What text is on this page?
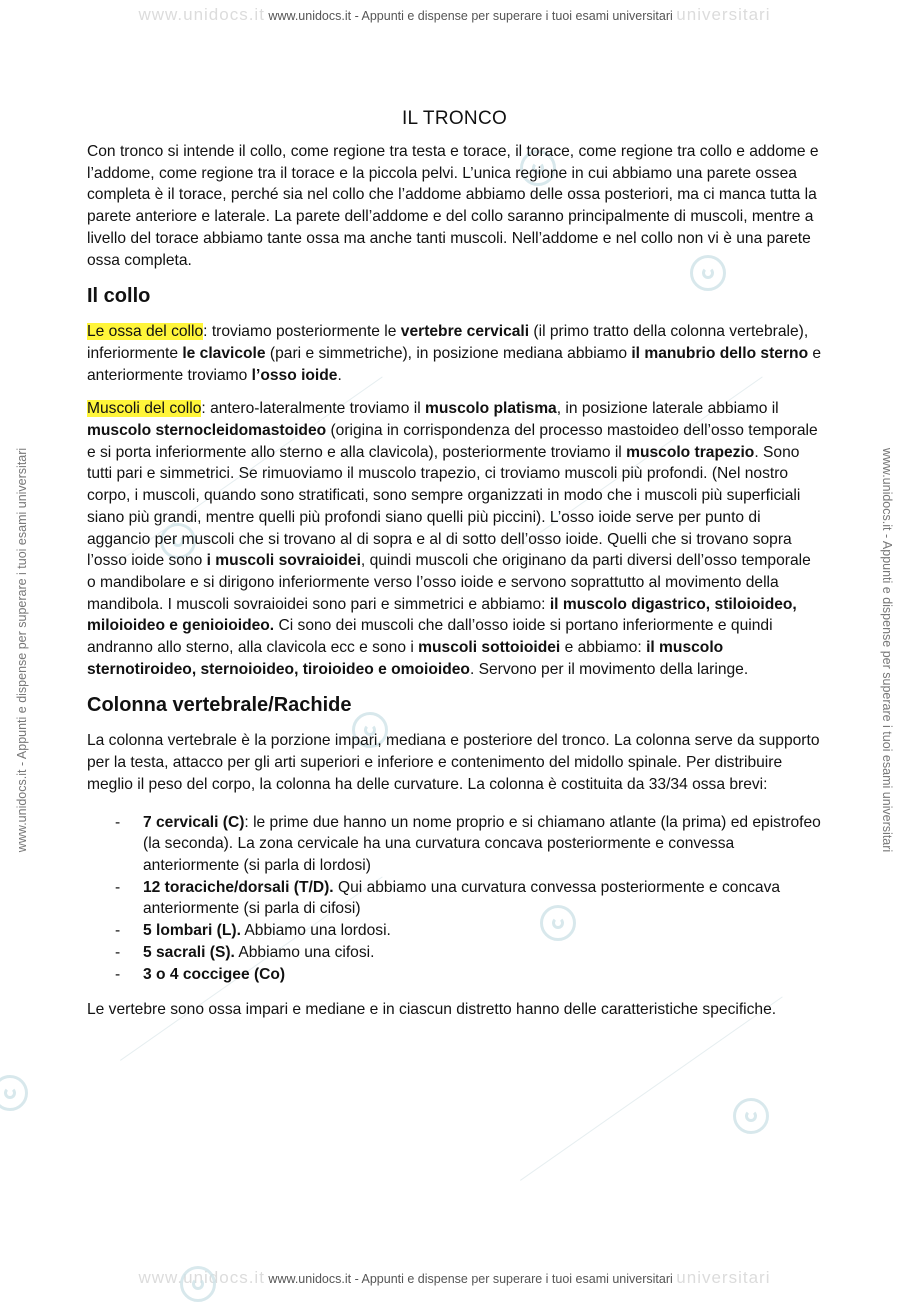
www.unidocs.it www.unidocs.it - Appunti e dispense per superare i tuoi esami universitari universitari
www.unidocs.it www.unidocs.it - Appunti e dispense per superare i tuoi esami universitari universitari
www.unidocs.it - Appunti e dispense per superare i tuoi esami universitari	www.unidocs.it - Appunti e dispense per superare i tuoi esami universitari
IL TRONCO

Con tronco si intende il collo, come regione tra testa e torace, il torace, come regione tra collo e addome e l’addome, come regione tra il torace e la piccola pelvi. L’unica regione in cui abbiamo una parete ossea completa è il torace, perché sia nel collo che l’addome abbiamo delle ossa posteriori, ma ci manca tutta la parete anteriore e laterale. La parete dell’addome e del collo saranno principalmente di muscoli, mentre a livello del torace abbiamo tante ossa ma anche tanti muscoli. Nell’addome e nel collo non vi è una parete ossa completa.

Il collo

Le ossa del collo: troviamo posteriormente le vertebre cervicali (il primo tratto della colonna vertebrale), inferiormente le clavicole (pari e simmetriche), in posizione mediana abbiamo il manubrio dello sterno e anteriormente troviamo l’osso ioide.

Muscoli del collo: antero-lateralmente troviamo il muscolo platisma, in posizione laterale abbiamo il muscolo sternocleidomastoideo (origina in corrispondenza del processo mastoideo dell’osso temporale e si porta inferiormente allo sterno e alla clavicola), posteriormente troviamo il muscolo trapezio. Sono tutti pari e simmetrici. Se rimuoviamo il muscolo trapezio, ci troviamo muscoli più profondi. (Nel nostro corpo, i muscoli, quando sono stratificati, sono sempre organizzati in modo che i muscoli più superficiali siano più grandi, mentre quelli più profondi siano quelli più piccini). L’osso ioide serve per punto di aggancio per muscoli che si trovano al di sopra e al di sotto dell’osso ioide. Quelli che si trovano sopra l’osso ioide sono i muscoli sovraioidei, quindi muscoli che originano da parti diversi dell’osso temporale o mandibolare e si dirigono inferiormente verso l’osso ioide e servono soprattutto al movimento della mandibola. I muscoli sovraioidei sono pari e simmetrici e abbiamo: il muscolo digastrico, stiloioideo, miloioideo e genioioideo. Ci sono dei muscoli che dall’osso ioide si portano inferiormente e quindi andranno allo sterno, alla clavicola ecc e sono i muscoli sottoioidei e abbiamo: il muscolo sternotiroideo, sternoioideo, tiroioideo e omoioideo. Servono per il movimento della laringe.

Colonna vertebrale/Rachide

La colonna vertebrale è la porzione impari, mediana e posteriore del tronco. La colonna serve da supporto per la testa, attacco per gli arti superiori e inferiore e contenimento del midollo spinale. Per distribuire meglio il peso del corpo, la colonna ha delle curvature. La colonna è costituita da 33/34 ossa brevi:

- 7 cervicali (C): le prime due hanno un nome proprio e si chiamano atlante (la prima) ed epistrofeo (la seconda). La zona cervicale ha una curvatura concava posteriormente e convessa anteriormente (si parla di lordosi)
- 12 toraciche/dorsali (T/D). Qui abbiamo una curvatura convessa posteriormente e concava anteriormente (si parla di cifosi)
- 5 lombari (L). Abbiamo una lordosi.
- 5 sacrali (S). Abbiamo una cifosi.
- 3 o 4 coccigee (Co)

Le vertebre sono ossa impari e mediane e in ciascun distretto hanno delle caratteristiche specifiche.
